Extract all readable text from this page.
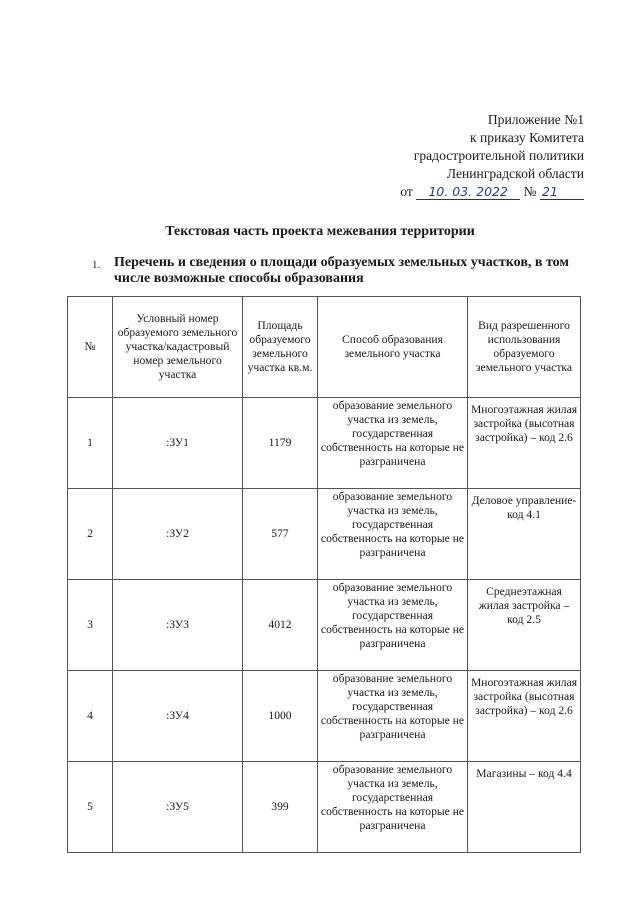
Приложение №1
к приказу Комитета
градостроительной политики
Ленинградской области
от 10. 03. 2022 № 21
Текстовая часть проекта межевания территории
1. Перечень и сведения о площади образуемых земельных участков, в том числе возможные способы образования
№	Условный номер образуемого земельного участка/кадастровый номер земельного участка	Площадь образуемого земельного участка кв.м.	Способ образования земельного участка	Вид разрешенного использования образуемого земельного участка
1	:ЗУ1	1179	образование земельного участка из земель, государственная собственность на которые не разграничена	Многоэтажная жилая застройка (высотная застройка) – код 2.6
2	:ЗУ2	577	образование земельного участка из земель, государственная собственность на которые не разграничена	Деловое управление-код 4.1
3	:ЗУ3	4012	образование земельного участка из земель, государственная собственность на которые не разграничена	Среднеэтажная жилая застройка – код 2.5
4	:ЗУ4	1000	образование земельного участка из земель, государственная собственность на которые не разграничена	Многоэтажная жилая застройка (высотная застройка) – код 2.6
5	:ЗУ5	399	образование земельного участка из земель, государственная собственность на которые не разграничена	Магазины – код 4.4
